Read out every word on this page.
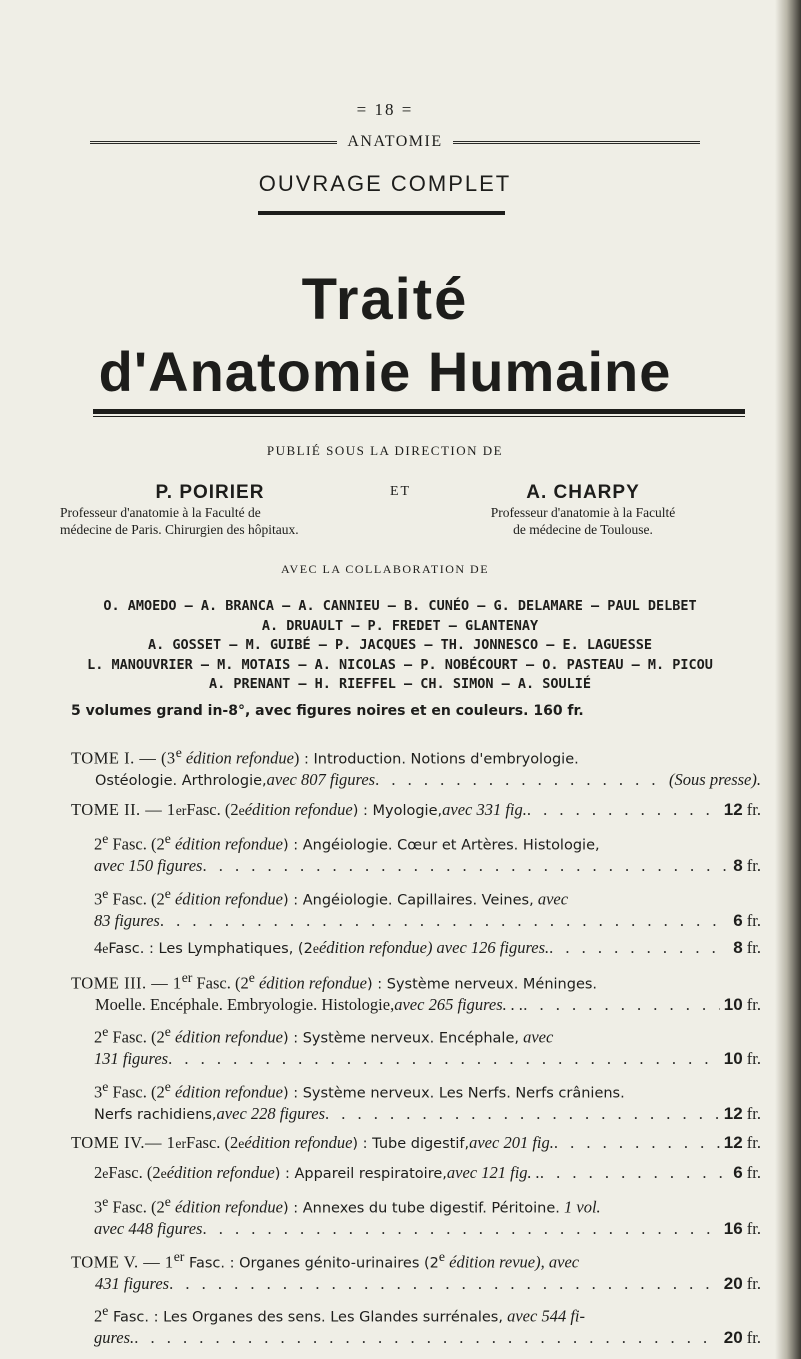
= 18 =
ANATOMIE
OUVRAGE COMPLET
Traité
d'Anatomie Humaine
PUBLIÉ SOUS LA DIRECTION DE
P. POIRIER
Professeur d'anatomie à la Faculté de
médecine de Paris. Chirurgien des hôpitaux.
ET	A. CHARPY
Professeur d'anatomie à la Faculté
de médecine de Toulouse.
AVEC LA COLLABORATION DE
O. AMOEDO — A. BRANCA — A. CANNIEU — B. CUNÉO — G. DELAMARE — PAUL DELBET
A. DRUAULT — P. FREDET — GLANTENAY
A. GOSSET — M. GUIBÉ — P. JACQUES — TH. JONNESCO — E. LAGUESSE
L. MANOUVRIER — M. MOTAIS — A. NICOLAS — P. NOBÉCOURT — O. PASTEAU — M. PICOU
A. PRENANT — H. RIEFFEL — CH. SIMON — A. SOULIÉ
5 volumes grand in-8°, avec figures noires et en couleurs. 160 fr.
TOME I. — (3e édition refondue) : Introduction. Notions d'embryologie.
Ostéologie. Arthrologie, avec 807 figures . . .	(Sous presse).
TOME II. — 1 er Fasc. (2 e édition refondue ) : Myologie, avec 331 fig. . . .	12 fr.
2e Fasc. (2e édition refondue) : Angéiologie. Cœur et Artères. Histologie,
avec 150 figures . . .	8 fr.
3e Fasc. (2e édition refondue) : Angéiologie. Capillaires. Veines, avec
83 figures . . .	6 fr.
4 e Fasc. : Les Lymphatiques, (2 e édition refondue ) avec 126 figures. . . .	8 fr.
TOME III. — 1er Fasc. (2e édition refondue) : Système nerveux. Méninges.
Moelle. Encéphale. Embryologie. Histologie, avec 265 figures. . . . . .	10 fr.
2e Fasc. (2e édition refondue) : Système nerveux. Encéphale, avec
131 figures . . .	10 fr.
3e Fasc. (2e édition refondue) : Système nerveux. Les Nerfs. Nerfs crâniens.
Nerfs rachidiens, avec 228 figures . . .	12 fr.
TOME IV.— 1 er Fasc. (2 e édition refondue ) : Tube digestif, avec 201 fig. . . .	12 fr.
2 e Fasc. (2 e édition refondue ) : Appareil respiratoire, avec 121 fig. . . . .	6 fr.
3e Fasc. (2e édition refondue) : Annexes du tube digestif. Péritoine. 1 vol.
avec 448 figures . . .	16 fr.
TOME V. — 1er Fasc. : Organes génito-urinaires (2e édition revue), avec
431 figures . . .	20 fr.
2e Fasc. : Les Organes des sens. Les Glandes surrénales, avec 544 fi-
gures. . . .	20 fr.
